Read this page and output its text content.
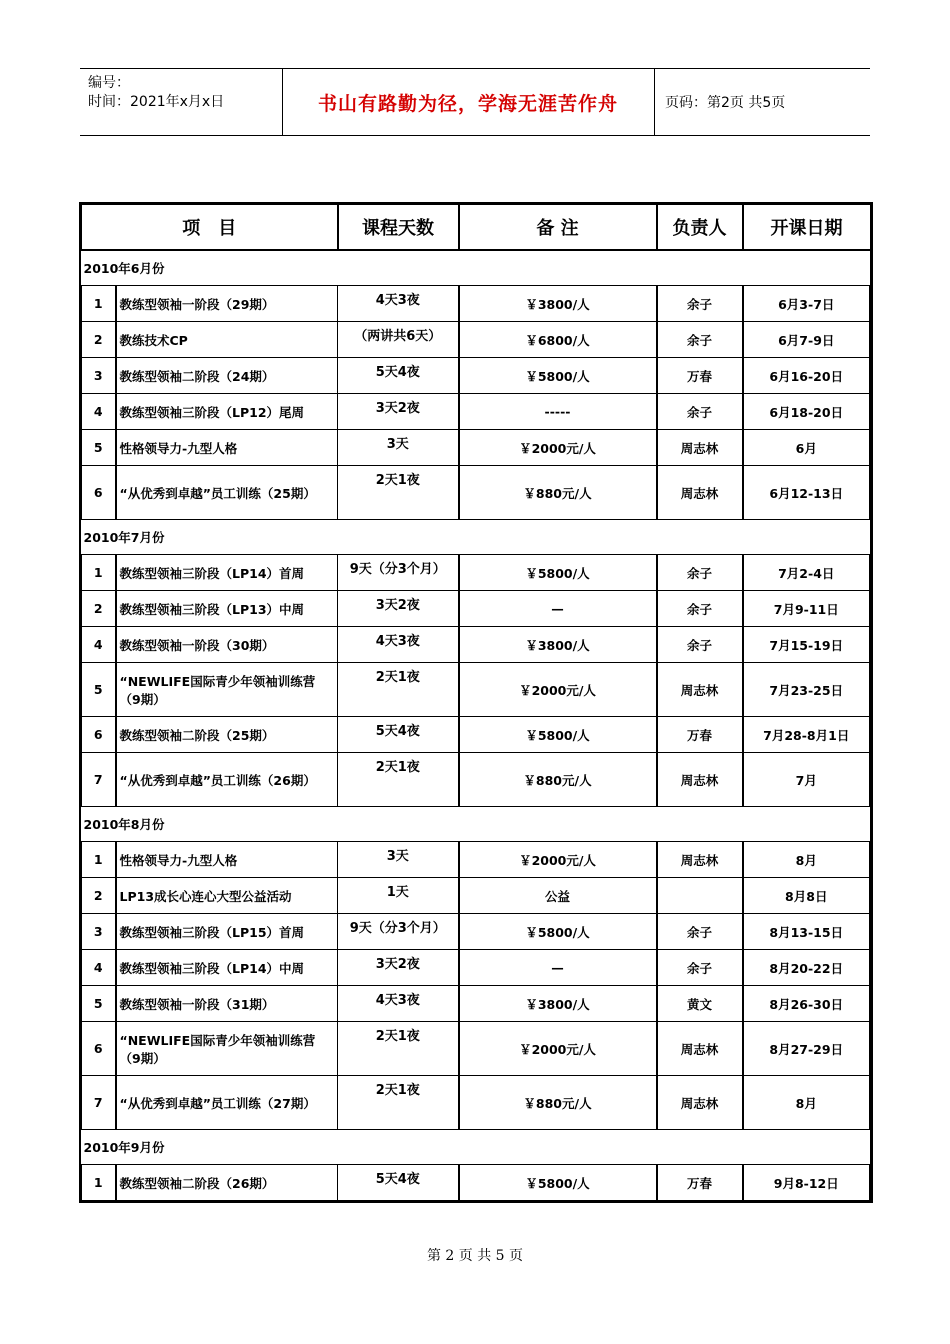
编号：
时间：2021年x月x日	书山有路勤为径，学海无涯苦作舟	页码：第2页 共5页
项　目		课程天数	备 注	负责人	开课日期
2010年6月份					
1	教练型领袖一阶段（29期）	4天3夜	￥3800/人	余子	6月3-7日
2	教练技术CP	（两讲共6天）	￥6800/人	余子	6月7-9日
3	教练型领袖二阶段（24期）	5天4夜	￥5800/人	万春	6月16-20日
4	教练型领袖三阶段（LP12）尾周	3天2夜	-----	余子	6月18-20日
5	性格领导力-九型人格	3天	￥2000元/人	周志林	6月
6	“从优秀到卓越”员工训练（25期）	2天1夜	￥880元/人	周志林	6月12-13日
2010年7月份					
1	教练型领袖三阶段（LP14）首周	9天（分3个月）	￥5800/人	余子	7月2-4日
2	教练型领袖三阶段（LP13）中周	3天2夜	—	余子	7月9-11日
4	教练型领袖一阶段（30期）	4天3夜	￥3800/人	余子	7月15-19日
5	“NEWLIFE国际青少年领袖训练营（9期）	2天1夜	￥2000元/人	周志林	7月23-25日
6	教练型领袖二阶段（25期）	5天4夜	￥5800/人	万春	7月28-8月1日
7	“从优秀到卓越”员工训练（26期）	2天1夜	￥880元/人	周志林	7月
2010年8月份					
1	性格领导力-九型人格	3天	￥2000元/人	周志林	8月
2	LP13成长心连心大型公益活动	1天	公益		8月8日
3	教练型领袖三阶段（LP15）首周	9天（分3个月）	￥5800/人	余子	8月13-15日
4	教练型领袖三阶段（LP14）中周	3天2夜	—	余子	8月20-22日
5	教练型领袖一阶段（31期）	4天3夜	￥3800/人	黄文	8月26-30日
6	“NEWLIFE国际青少年领袖训练营（9期）	2天1夜	￥2000元/人	周志林	8月27-29日
7	“从优秀到卓越”员工训练（27期）	2天1夜	￥880元/人	周志林	8月
2010年9月份					
1	教练型领袖二阶段（26期）	5天4夜	￥5800/人	万春	9月8-12日
第 2 页 共 5 页
